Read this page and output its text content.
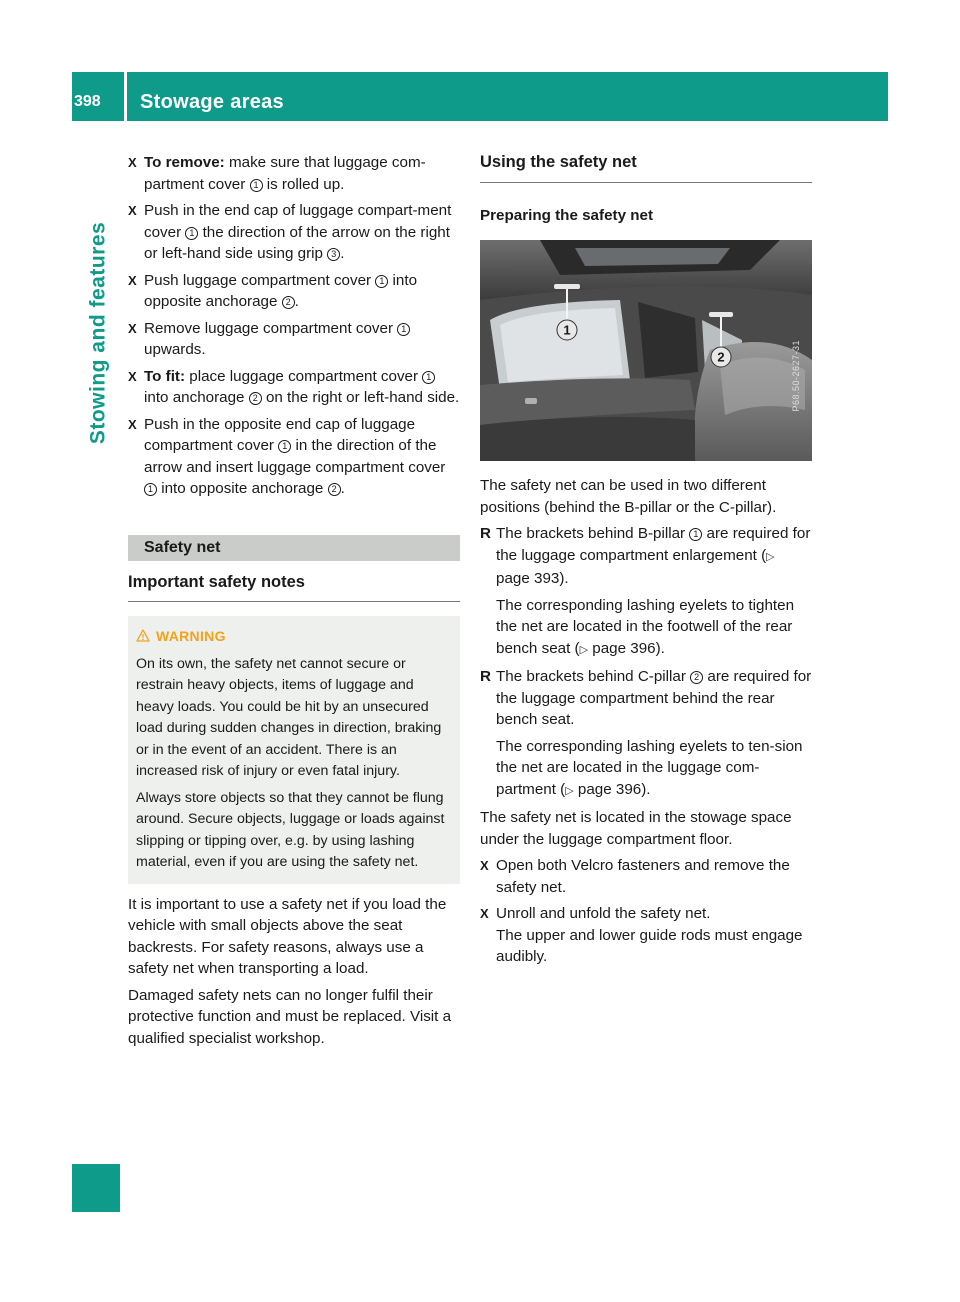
398	Stowage areas
Stowing and features
X To remove: make sure that luggage com-partment cover 1 is rolled up.
X Push in the end cap of luggage compart-ment cover 1 the direction of the arrow on the right or left-hand side using grip 3 .
X Push luggage compartment cover 1 into opposite anchorage 2 .
X Remove luggage compartment cover 1 upwards.
X To fit: place luggage compartment cover 1 into anchorage 2 on the right or left-hand side.
X Push in the opposite end cap of luggage compartment cover 1 in the direction of the arrow and insert luggage compartment cover 1 into opposite anchorage 2 .
Safety net
Important safety notes
WARNING

On its own, the safety net cannot secure or restrain heavy objects, items of luggage and heavy loads. You could be hit by an unsecured load during sudden changes in direction, braking or in the event of an accident. There is an increased risk of injury or even fatal injury.

Always store objects so that they cannot be flung around. Secure objects, luggage or loads against slipping or tipping over, e.g. by using lashing material, even if you are using the safety net.

It is important to use a safety net if you load the vehicle with small objects above the seat backrests. For safety reasons, always use a safety net when transporting a load.

Damaged safety nets can no longer fulfil their protective function and must be replaced. Visit a qualified specialist workshop.

Using the safety net
Preparing the safety net
1
2	P68.50-2627-31

The safety net can be used in two different positions (behind the B-pillar or the C-pillar).

R The brackets behind B-pillar 1 are required for the luggage compartment enlargement (▷ page 393).
The corresponding lashing eyelets to tighten the net are located in the footwell of the rear bench seat (▷ page 396).
R The brackets behind C-pillar 2 are required for the luggage compartment behind the rear bench seat.
The corresponding lashing eyelets to ten-sion the net are located in the luggage com-partment (▷ page 396).

The safety net is located in the stowage space under the luggage compartment floor.

X Open both Velcro fasteners and remove the safety net.
X Unroll and unfold the safety net.
The upper and lower guide rods must engage audibly.
